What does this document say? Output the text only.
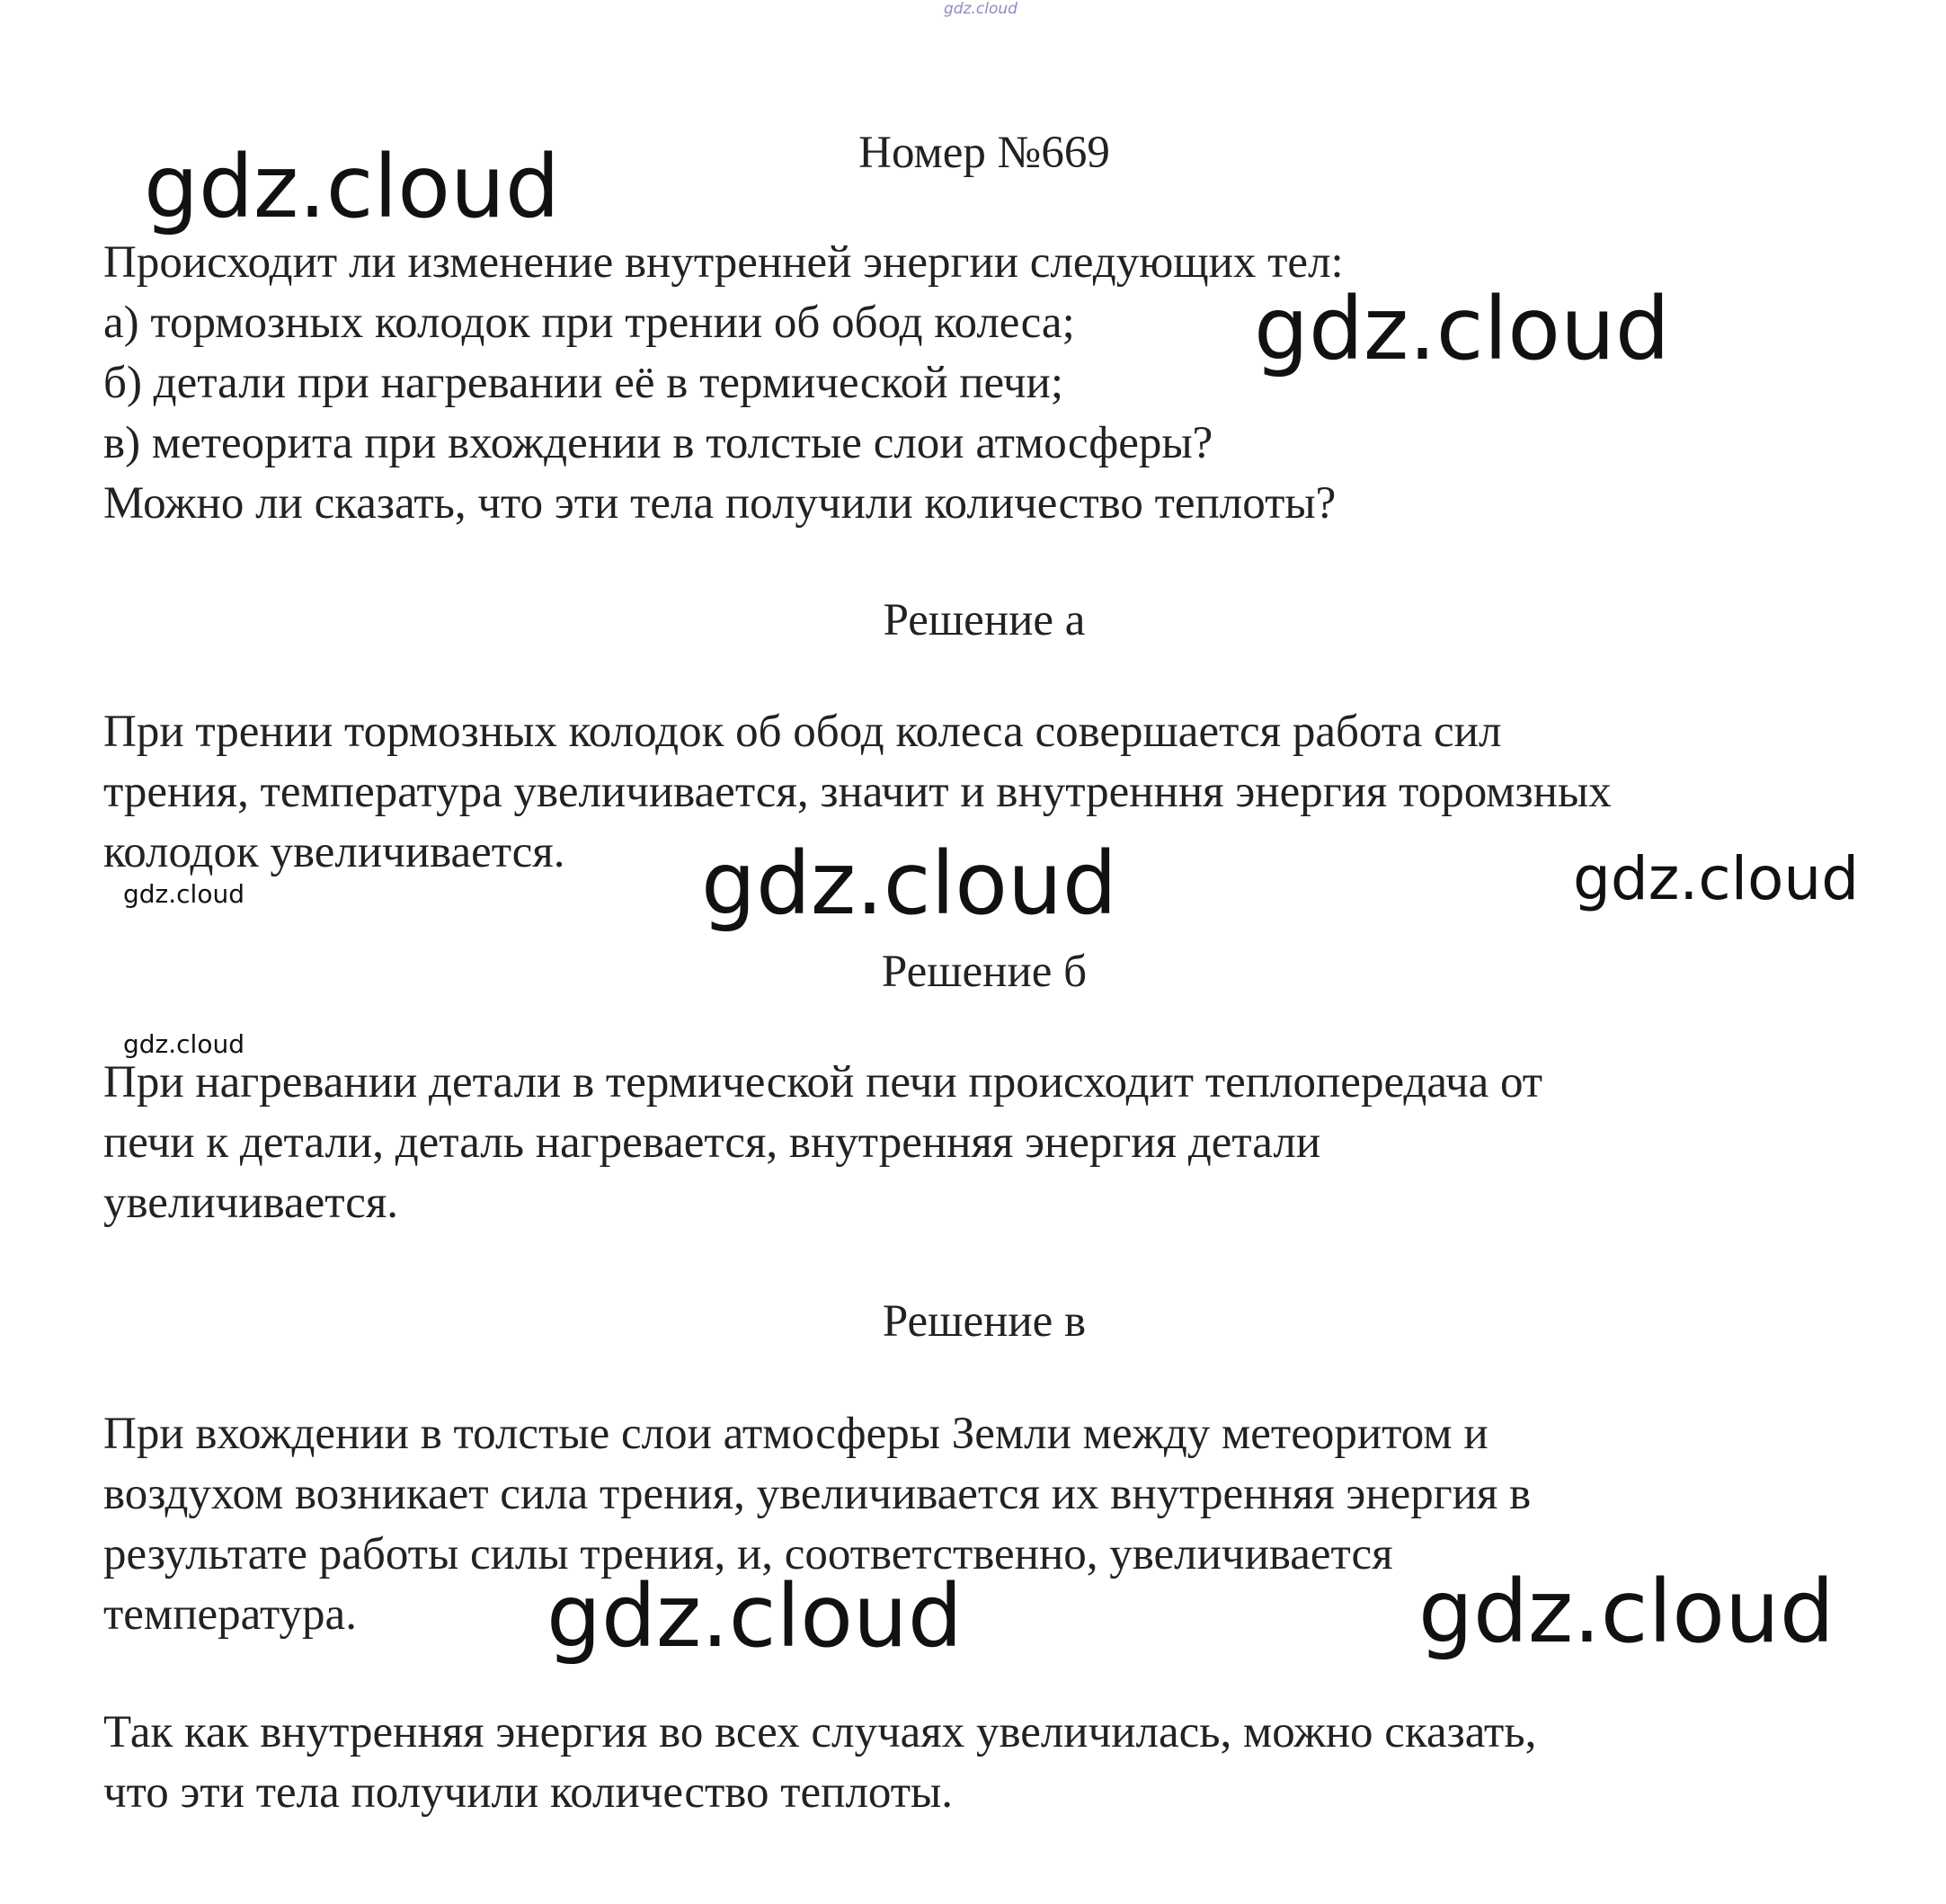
gdz.cloud
Номер №669
Происходит ли изменение внутренней энергии следующих тел:
а) тормозных колодок при трении об обод колеса;
б) детали при нагревании её в термической печи;
в) метеорита при вхождении в толстые слои атмосферы?
Можно ли сказать, что эти тела получили количество теплоты?
Решение а
При трении тормозных колодок об обод колеса совершается работа сил
трения, температура увеличивается, значит и внутренння энергия торомзных
колодок увеличивается.
Решение б
При нагревании детали в термической печи происходит теплопередача от
печи к детали, деталь нагревается, внутренняя энергия детали
увеличивается.
Решение в
При вхождении в толстые слои атмосферы Земли между метеоритом и
воздухом возникает сила трения, увеличивается их внутренняя энергия в
результате работы силы трения, и, соответственно, увеличивается
температура.
Так как внутренняя энергия во всех случаях увеличилась, можно сказать,
что эти тела получили количество теплоты.
gdz.cloud
gdz.cloud
gdz.cloud	gdz.cloud
gdz.cloud
gdz.cloud
gdz.cloud	gdz.cloud
